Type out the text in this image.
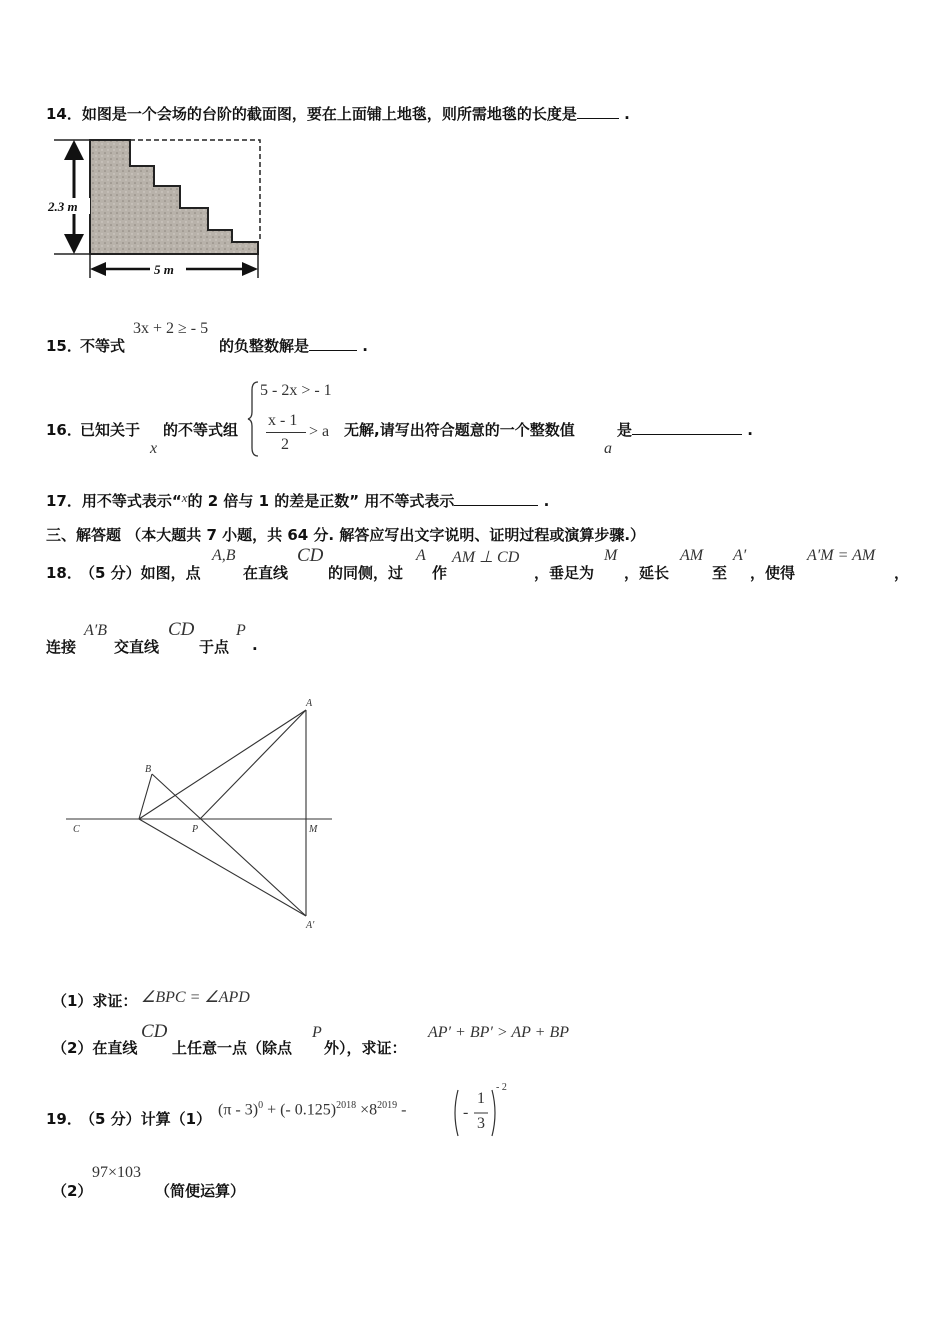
14．如图是一个会场的台阶的截面图，要在上面铺上地毯，则所需地毯的长度是	.
2.3 m
5 m
15．
不等式
3x + 2 ≥ - 5
的负整数解是	.
16．
已知关于
x
的不等式组
5 - 2x > - 1
x - 1
2
> a 无解,请写出符合题意的一个整数值
a
是	.
17．用不等式表示“x的 2 倍与 1 的差是正数” 用不等式表示	.
三、解答题 （本大题共 7 小题，共 64 分. 解答应写出文字说明、证明过程或演算步骤.）
18．
（5 分）如图，点
A,B
在直线
CD
的同侧，过
A
作
AM ⊥ CD
，垂足为
M
，延长
AM
至
A′
，使得
A′M = AM
，
连接
A′B
交直线
CD
于点
P
.
A
B
C	P	M
A′
（1）求证： ∠BPC = ∠APD
（2）在直线
CD
上任意一点（除点
P
外），求证：
AP′ + BP′ > AP + BP
19．
（5 分）计算（1）
(π - 3)$^0$ + (- $0.125)^{2018} \times 8^{2019}$ -	-
1
3
- 2
（2）
97×103
（简便运算）
